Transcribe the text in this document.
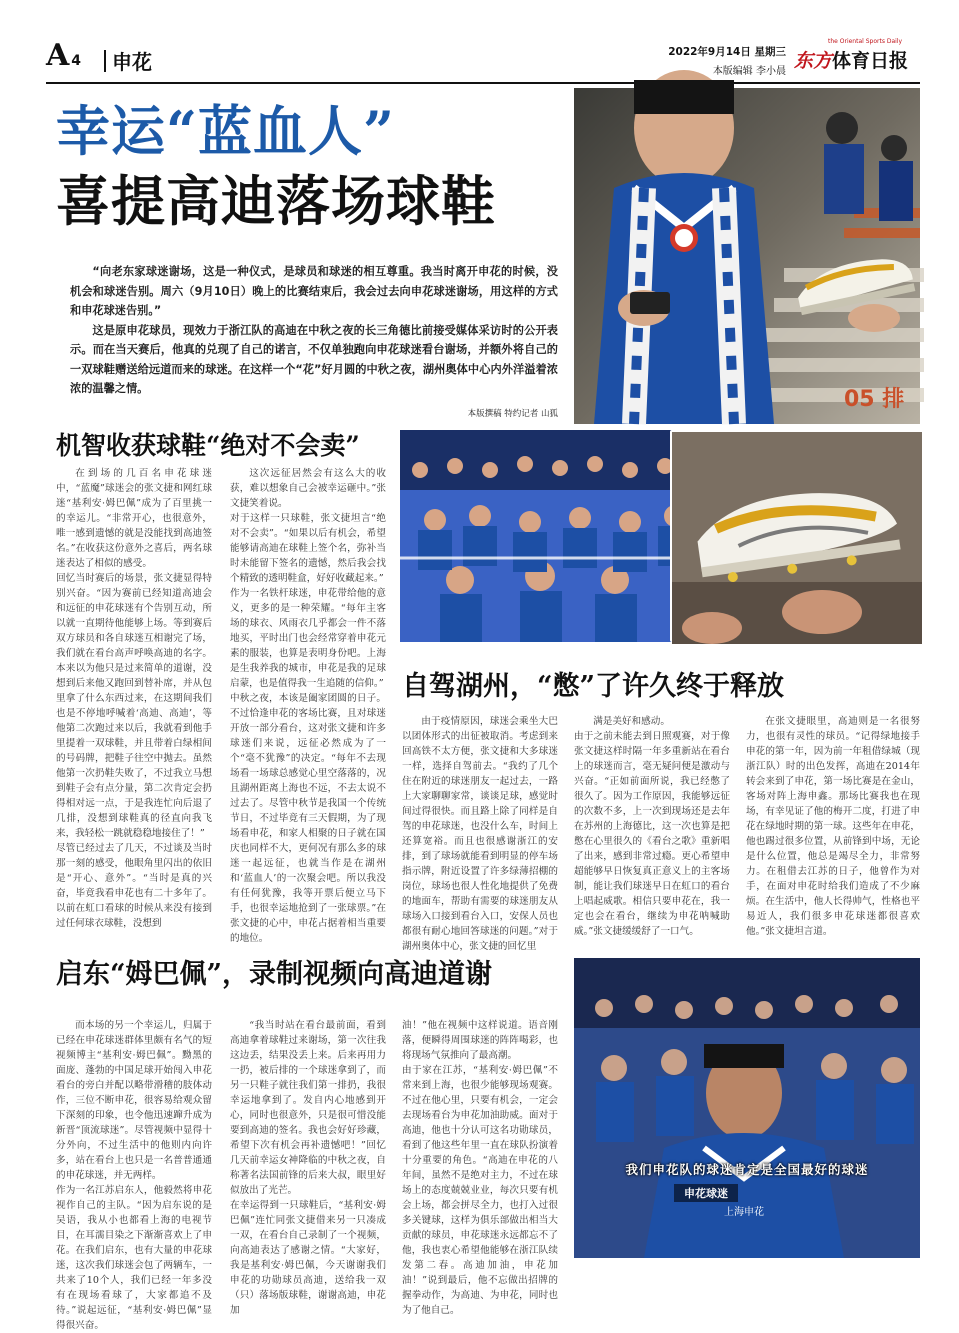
A 4 申花	2022年9月14日 星期三
本版编辑 李小晨
the Oriental Sports Daily
东方 体育日报
幸运“蓝血人”
喜提高迪落场球鞋
05 排
“向老东家球迷谢场，这是一种仪式，是球员和球迷的相互尊重。我当时离开申花的时候，没机会和球迷告别。周六（9月10日）晚上的比赛结束后，我会过去向申花球迷谢场，用这样的方式和申花球迷告别。”
这是原申花球员，现效力于浙江队的高迪在中秋之夜的长三角德比前接受媒体采访时的公开表示。而在当天赛后，他真的兑现了自己的诺言，不仅单独跑向申花球迷看台谢场，并额外将自己的一双球鞋赠送给远道而来的球迷。在这样一个“花”好月圆的中秋之夜，湖州奥体中心内外洋溢着浓浓的温馨之情。
本版撰稿 特约记者 山狐
机智收获球鞋“绝对不会卖”
在到场的几百名申花球迷中，“蓝魔”球迷会的张文捷和网红球迷“基利安·姆巴佩”成为了百里挑一的幸运儿。“非常开心，也很意外，唯一感到遗憾的就是没能找到高迪签名。”在收获这份意外之喜后，两名球迷表达了相似的感受。
回忆当时赛后的场景，张文捷显得特别兴奋。“因为赛前已经知道高迪会和远征的申花球迷有个告别互动，所以就一直期待他能够上场。等到赛后双方球员和各自球迷互相谢完了场，我们就在看台高声呼唤高迪的名字。本来以为他只是过来简单的道谢，没想到后来他又跑回到替补席，并从包里拿了什么东西过来，在这期间我们也是不停地呼喊着‘高迪、高迪’，等他第二次跑过来以后，我就看到他手里提着一双球鞋，并且带着白绿相间的号码牌，把鞋子往空中抛去。虽然他第一次扔鞋失败了，不过我立马想到鞋子会有点分量，第二次肯定会扔得相对远一点，于是我连忙向后退了几排，没想到球鞋真的径直向我飞来，我轻松一跳就稳稳地接住了！”
尽管已经过去了几天，不过谈及当时那一刻的感受，他眼角里闪出的依旧是“开心、意外”。“当时是真的兴奋，毕竟我看申花也有二十多年了。以前在虹口看球的时候从来没有接到过任何球衣球鞋，没想到
这次远征居然会有这么大的收获，难以想象自己会被幸运砸中。”张文捷笑着说。
对于这样一只球鞋，张文捷坦言“绝对不会卖”。“如果以后有机会，希望能够请高迪在球鞋上签个名，弥补当时未能留下签名的遗憾，然后我会找个精致的透明鞋盒，好好收藏起来。”
作为一名铁杆球迷，申花带给他的意义，更多的是一种荣耀。“每年主客场的球衣、风雨衣几乎都会一件不落地买，平时出门也会经常穿着申花元素的服装，也算是表明身份吧。上海是生我养我的城市，申花是我的足球启蒙，也是值得我一生追随的信仰。”
中秋之夜，本该是阖家团圆的日子。不过恰逢申花的客场比赛，且对球迷开放一部分看台，这对张文捷和许多球迷们来说，远征必然成为了一个“毫不犹豫”的决定。“每年不去现场看一场球总感觉心里空落落的，况且湖州距离上海也不远，不去太说不过去了。尽管中秋节是我国一个传统节日，不过毕竟有三天假期，为了现场看申花，和家人相聚的日子就在国庆也同样不大，更何况有那么多的球迷一起远征，也就当作是在湖州和‘蓝血人’的一次聚会吧。所以我没有任何犹豫，我等开票后便立马下手，也很幸运地抢到了一张球票。”在张文捷的心中，申花占据着相当重要的地位。
自驾湖州，“憋”了许久终于释放
由于疫情原因，球迷会乘坐大巴以团体形式的出征被取消。考虑到来回高铁不太方便，张文捷和大多球迷一样，选择自驾前去。“我约了几个住在附近的球迷朋友一起过去，一路上大家聊聊家常，谈谈足球，感觉时间过得很快。而且路上除了同样是自驾的申花球迷，也没什么车，时间上还算宽裕。而且也很感谢浙江的安排，到了球场就能看到明显的停车场指示牌，附近设置了许多绿薄招棚的岗位，球场也很人性化地提供了免费的地面车，帮助有需要的球迷朋友从球场入口接到看台入口，安保人员也都很有耐心地回答球迷的问题。”对于湖州奥体中心，张文捷的回忆里
满是美好和感动。
由于之前未能去到日照观赛，对于像张文捷这样时隔一年多重新站在看台上的球迷而言，毫无疑问便是激动与兴奋。“正如前面所说，我已经憋了很久了。因为工作原因，我能够远征的次数不多，上一次到现场还是去年在苏州的上海德比，这一次也算是把憋在心里很久的《看台之歌》重新唱了出来，感到非常过瘾。更心希望申超能够早日恢复真正意义上的主客场制，能让我们球迷早日在虹口的看台上唱起威歌。相信只要申花在，我一定也会在看台，继续为申花呐喊助威。”张文捷缓缓舒了一口气。
在张文捷眼里，高迪则是一名很努力，也很有灵性的球员。“记得绿地接手申花的第一年，因为前一年租借绿城（现浙江队）时的出色发挥，高迪在2014年转会来到了申花，第一场比赛是在金山，客场对阵上海申鑫。那场比赛我也在现场，有幸见证了他的梅开二度，打进了申花在绿地时期的第一球。这些年在申花，他也踢过很多位置，从前锋到中场，无论是什么位置，他总是竭尽全力，非常努力。在租借去江苏的日子，他曾作为对手，在面对申花时给我们造成了不少麻烦。在生活中，他人长得帅气，性格也平易近人，我们很多申花球迷都很喜欢他。”张文捷坦言道。
启东“姆巴佩”，录制视频向高迪道谢
而本场的另一个幸运儿，归属于已经在申花球迷群体里颇有名气的短视频博主“基利安·姆巴佩”。黝黑的面庞、蓬勃的中国足球开始闯入申花看台的旁白并配以略带滑稽的肢体动作，三位不断申花，很容易给观众留下深刻的印象，也令他迅速蹿升成为新晋“顶流球迷”。尽管视频中显得十分外向，不过生活中的他则内向许多，站在看台上也只是一名普普通通的申花球迷，并无两样。
作为一名江苏启东人，他毅然将申花视作自己的主队。“因为启东说的是吴语，我从小也都看上海的电视节目，在耳濡目染之下渐渐喜欢上了申花。在我们启东，也有大量的申花球迷，这次我们球迷会包了两辆车，一共来了10个人，我们已经一年多没有在现场看球了，大家都追不及待。”说起远征，“基利安·姆巴佩”显得很兴奋。
“我当时站在看台最前面，看到高迪拿着球鞋过来谢场，第一次往我这边丢，结果没丢上来。后来再用力一扔，被后排的一个球迷拿到了，而另一只鞋子就往我们第一排扔，我很幸运地拿到了。发自内心地感到开心，同时也很意外，只是很可惜没能要到高迪的签名。我也会好好珍藏，希望下次有机会再补遗憾吧！”回忆几天前幸运女神降临的中秋之夜，自称著名法国前锋的后来大叔，眼里好似放出了光芒。
在幸运得到一只球鞋后，“基利安·姆巴佩”连忙同张文捷借来另一只凑成一双，在看台自己录制了一个视频，向高迪表达了感谢之情。“大家好，我是基利安·姆巴佩，今天谢谢我们申花的功勋球员高迪，送给我一双（只）落场版球鞋，谢谢高迪，申花加
油！”他在视频中这样说道。语音刚落，便瞬得周围球迷的阵阵喝彩，也将现场气氛推向了最高潮。
由于家在江苏，“基利安·姆巴佩”不常来到上海，也很少能够现场观赛。不过在他心里，只要有机会，一定会去现场看台为申花加油助威。面对于高迪，他也十分认可这名功勋球员，看到了他这些年里一直在球队扮演着十分重要的角色。“高迪在申花的八年间，虽然不是绝对主力，不过在球场上的态度兢兢业业，每次只要有机会上场，都会拼尽全力，也打入过很多关键球，这样为俱乐部做出相当大贡献的球员，申花球迷永远都忘不了他，我也衷心希望他能够在浙江队续发第二春。高迪加油，申花加油！”说到最后，他不忘做出招牌的握拳动作，为高迪、为申花，同时也为了他自己。
上海申花
我们申花队的球迷肯定是全国最好的球迷
申花球迷
